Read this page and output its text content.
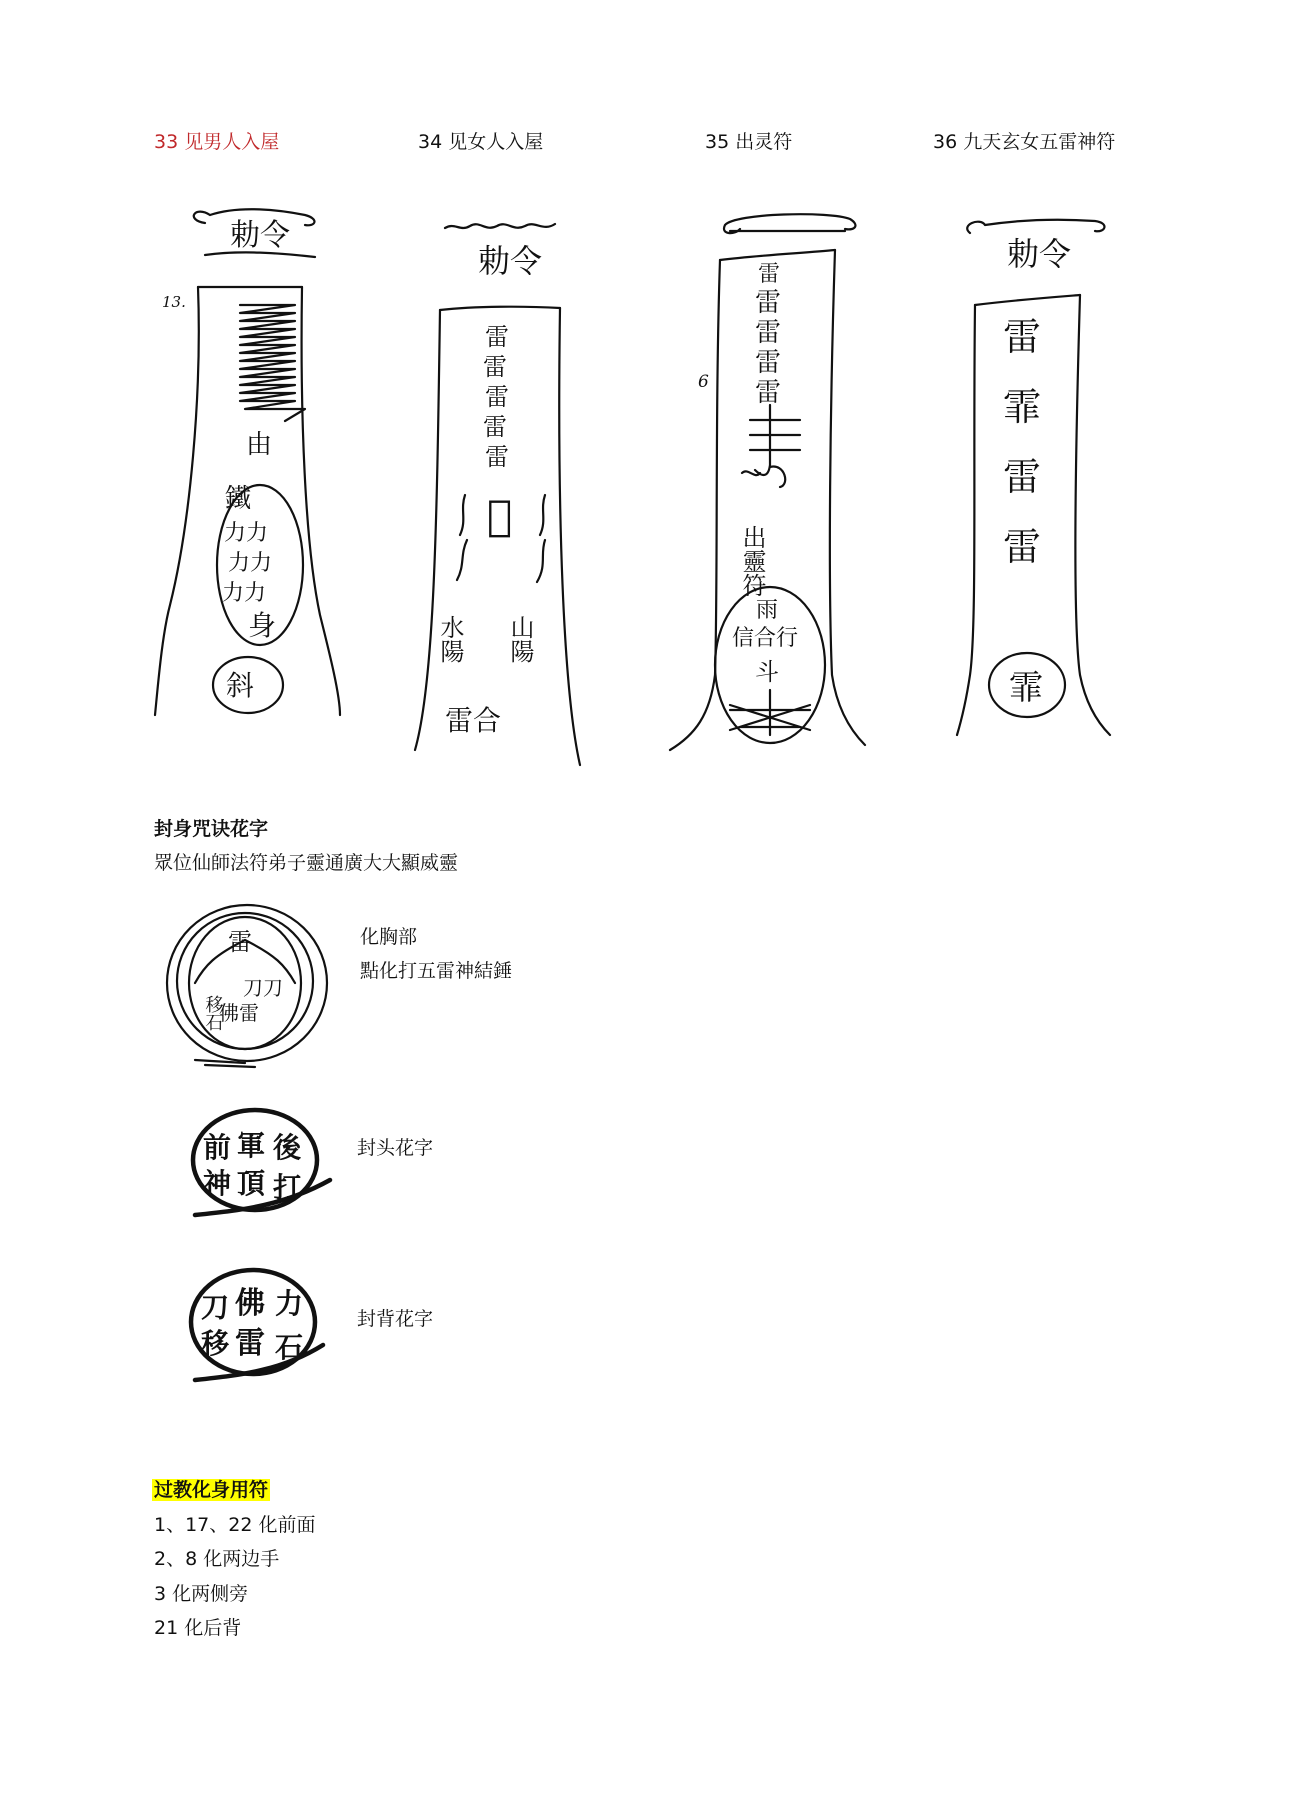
33 见男人入屋	34 见女人入屋	35 出灵符	36 九天玄女五雷神符
勅令
13.
由
鐵
力力
力力
力力
身
斜
勅令
雷
雷
雷
雷
雷
𬂔
水陽 山陽
雷合
6
雷
雷
雷
雷
雷
出靈符
雨
信合行
斗
勅令
雷
霏
雷
雷
霏
封身咒诀花字
眾位仙師法符弟子靈通廣大大顯威靈
雷
刀刀
移石
佛雷
化胸部
點化打五雷神結錘
前 軍 後
神 頂 打
封头花字
刀 佛 力
移 雷 石
封背花字
过教化身用符
1、17、22 化前面
2、8 化两边手
3 化两侧旁
21 化后背
